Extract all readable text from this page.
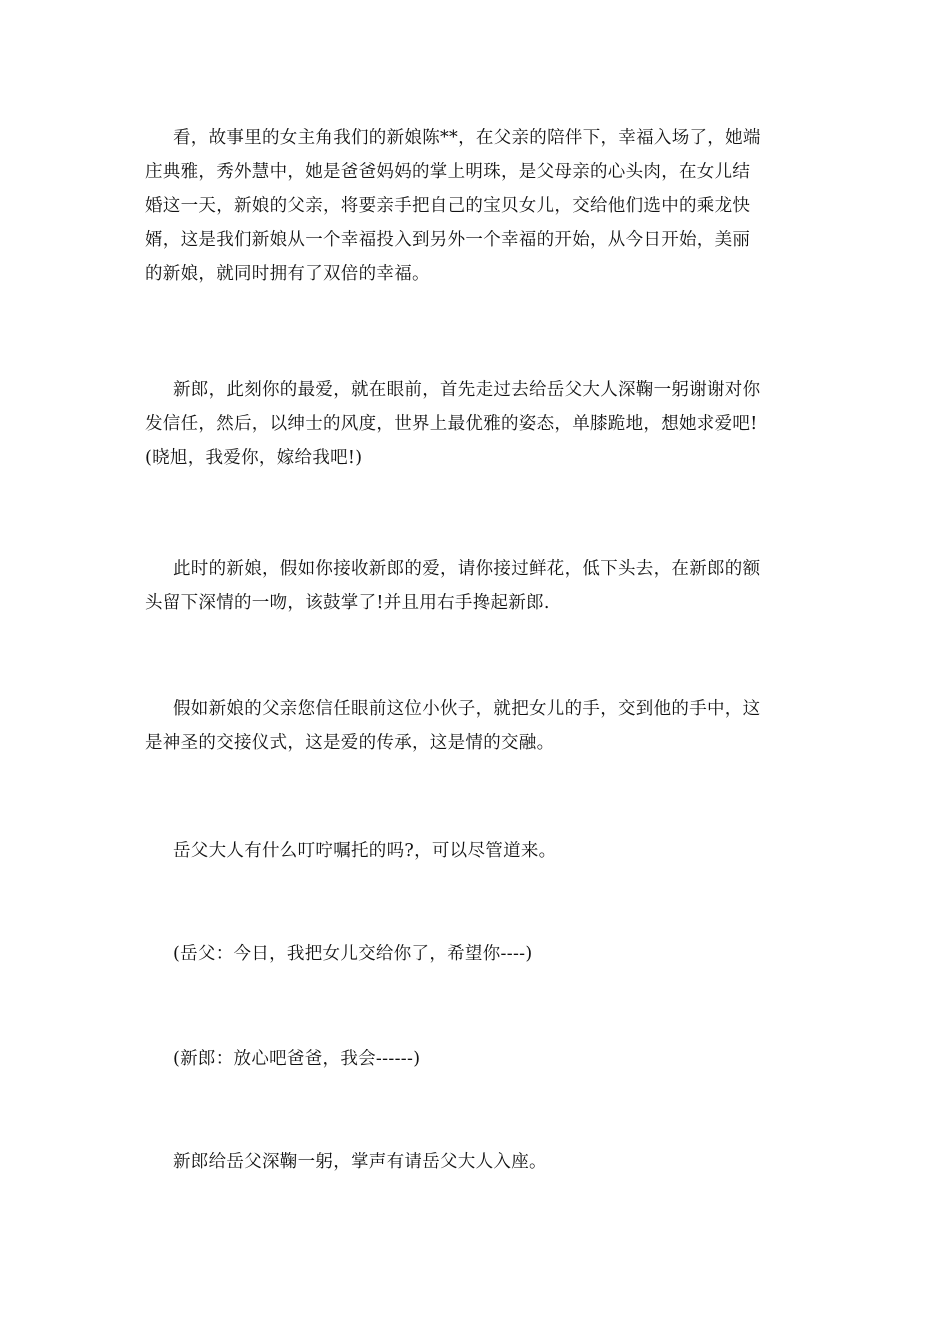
看，故事里的女主角我们的新娘陈**，在父亲的陪伴下，幸福入场了，她端
庄典雅，秀外慧中，她是爸爸妈妈的掌上明珠，是父母亲的心头肉，在女儿结
婚这一天，新娘的父亲，将要亲手把自己的宝贝女儿，交给他们选中的乘龙快
婿，这是我们新娘从一个幸福投入到另外一个幸福的开始，从今日开始，美丽
的新娘，就同时拥有了双倍的幸福。
新郎，此刻你的最爱，就在眼前，首先走过去给岳父大人深鞠一躬谢谢对你
发信任，然后，以绅士的风度，世界上最优雅的姿态，单膝跪地，想她求爱吧!
(晓旭，我爱你，嫁给我吧!)
此时的新娘，假如你接收新郎的爱，请你接过鲜花，低下头去，在新郎的额
头留下深情的一吻，该鼓掌了!并且用右手搀起新郎.
假如新娘的父亲您信任眼前这位小伙子，就把女儿的手，交到他的手中，这
是神圣的交接仪式，这是爱的传承，这是情的交融。
岳父大人有什么叮咛嘱托的吗?，可以尽管道来。
(岳父：今日，我把女儿交给你了，希望你----)
(新郎：放心吧爸爸，我会------)
新郎给岳父深鞠一躬，掌声有请岳父大人入座。
